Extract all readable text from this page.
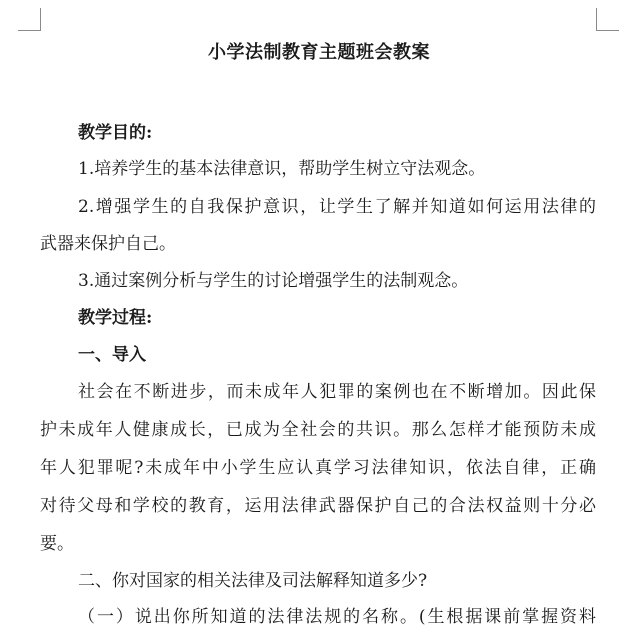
小学法制教育主题班会教案
教学目的:
1.培养学生的基本法律意识，帮助学生树立守法观念。
2.增强学生的自我保护意识，让学生了解并知道如何运用法律的
武器来保护自己。
3.通过案例分析与学生的讨论增强学生的法制观念。
教学过程:
一、导入
社会在不断进步，而未成年人犯罪的案例也在不断增加。因此保
护未成年人健康成长，已成为全社会的共识。那么怎样才能预防未成
年人犯罪呢?未成年中小学生应认真学习法律知识，依法自律，正确
对待父母和学校的教育，运用法律武器保护自己的合法权益则十分必
要。
二、你对国家的相关法律及司法解释知道多少?
（一）说出你所知道的法律法规的名称。(生根据课前掌握资料
